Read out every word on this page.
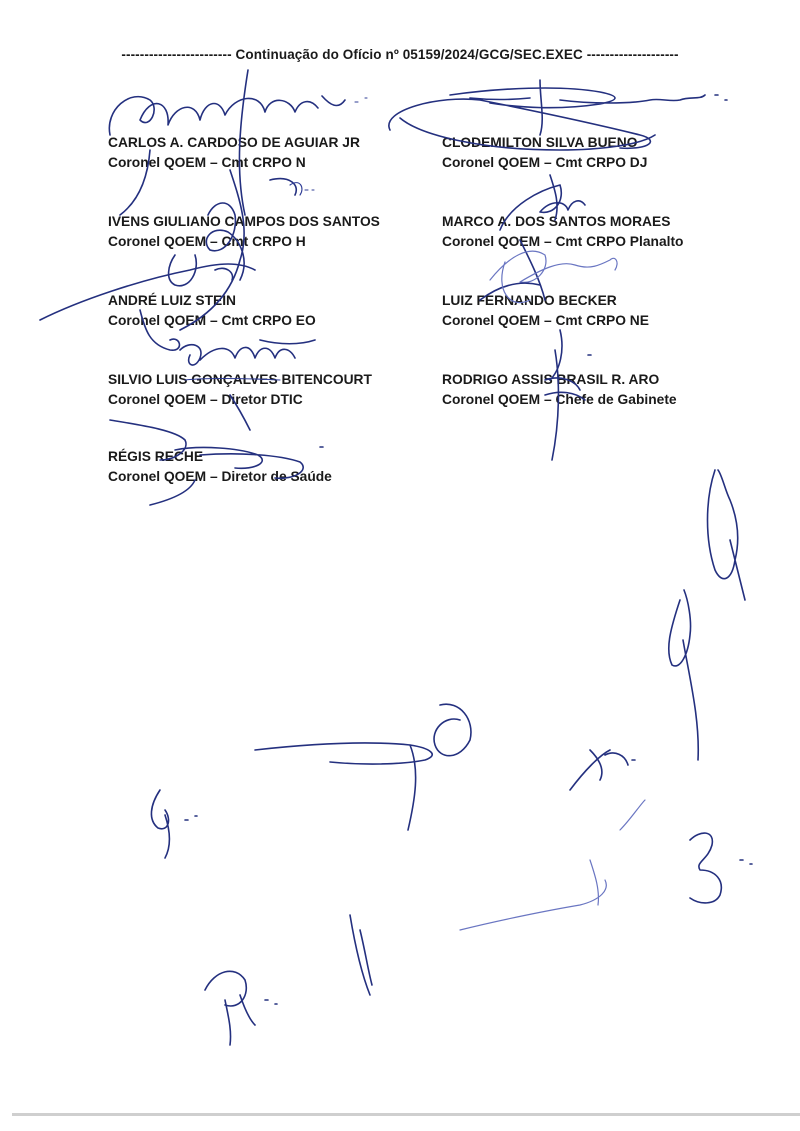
------------------------ Continuação do Ofício nº 05159/2024/GCG/SEC.EXEC --------------------
CARLOS A. CARDOSO DE AGUIAR JR
Coronel QOEM – Cmt CRPO N
CLODEMILTON SILVA BUENO
Coronel QOEM – Cmt CRPO DJ
IVENS GIULIANO CAMPOS DOS SANTOS
Coronel QOEM – Cmt CRPO H
MARCO A. DOS SANTOS MORAES
Coronel QOEM – Cmt CRPO Planalto
ANDRÉ LUIZ STEIN
Coronel QOEM – Cmt CRPO EO
LUIZ FERNANDO BECKER
Coronel QOEM – Cmt CRPO NE
SILVIO LUIS GONÇALVES BITENCOURT
Coronel QOEM – Diretor DTIC
RODRIGO ASSIS BRASIL R. ARO
Coronel QOEM – Chefe de Gabinete
RÉGIS RECHE
Coronel QOEM – Diretor de Saúde
